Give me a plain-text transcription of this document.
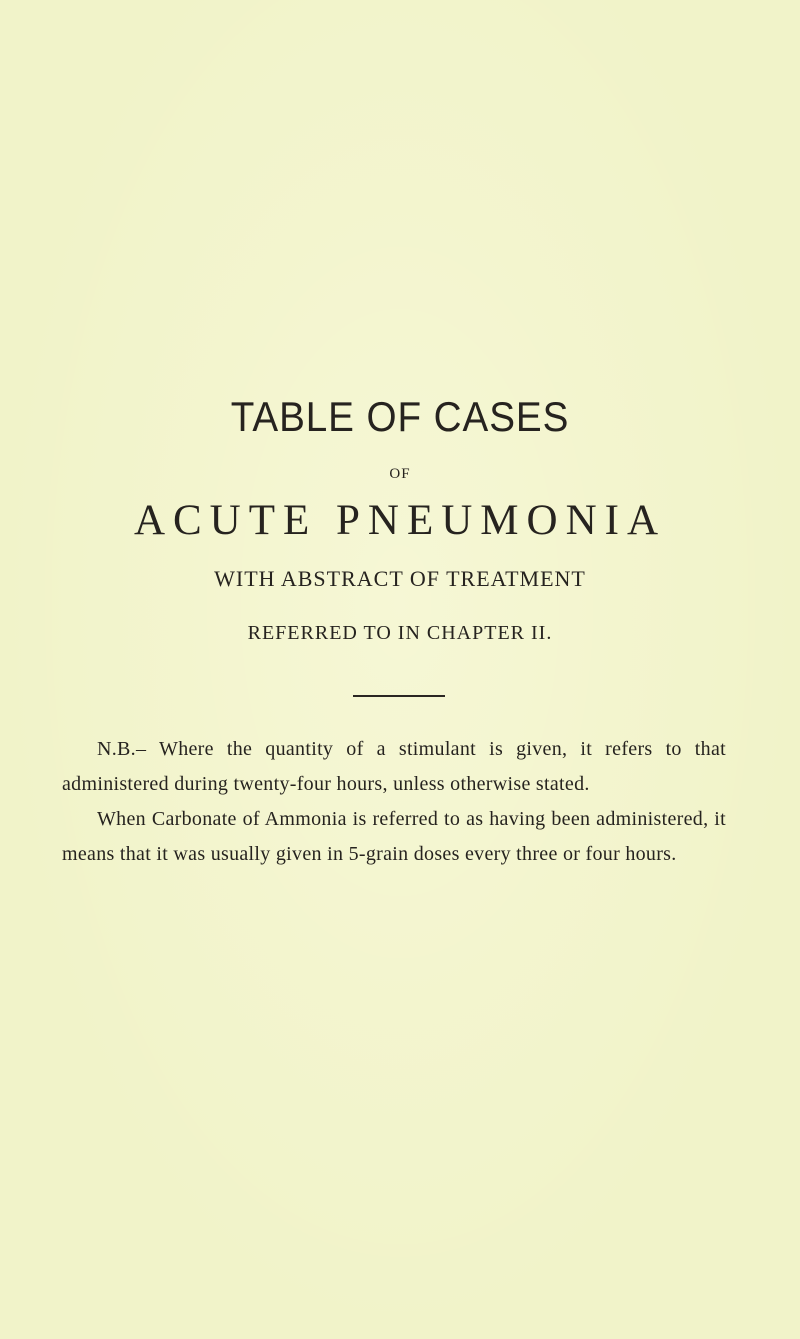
TABLE OF CASES
OF
ACUTE PNEUMONIA
WITH ABSTRACT OF TREATMENT
REFERRED TO IN CHAPTER II.

N.B.– Where the quantity of a stimulant is given, it refers to that administered during twenty-four hours, unless otherwise stated.

When Carbonate of Ammonia is referred to as having been administered, it means that it was usually given in 5-grain doses every three or four hours.
